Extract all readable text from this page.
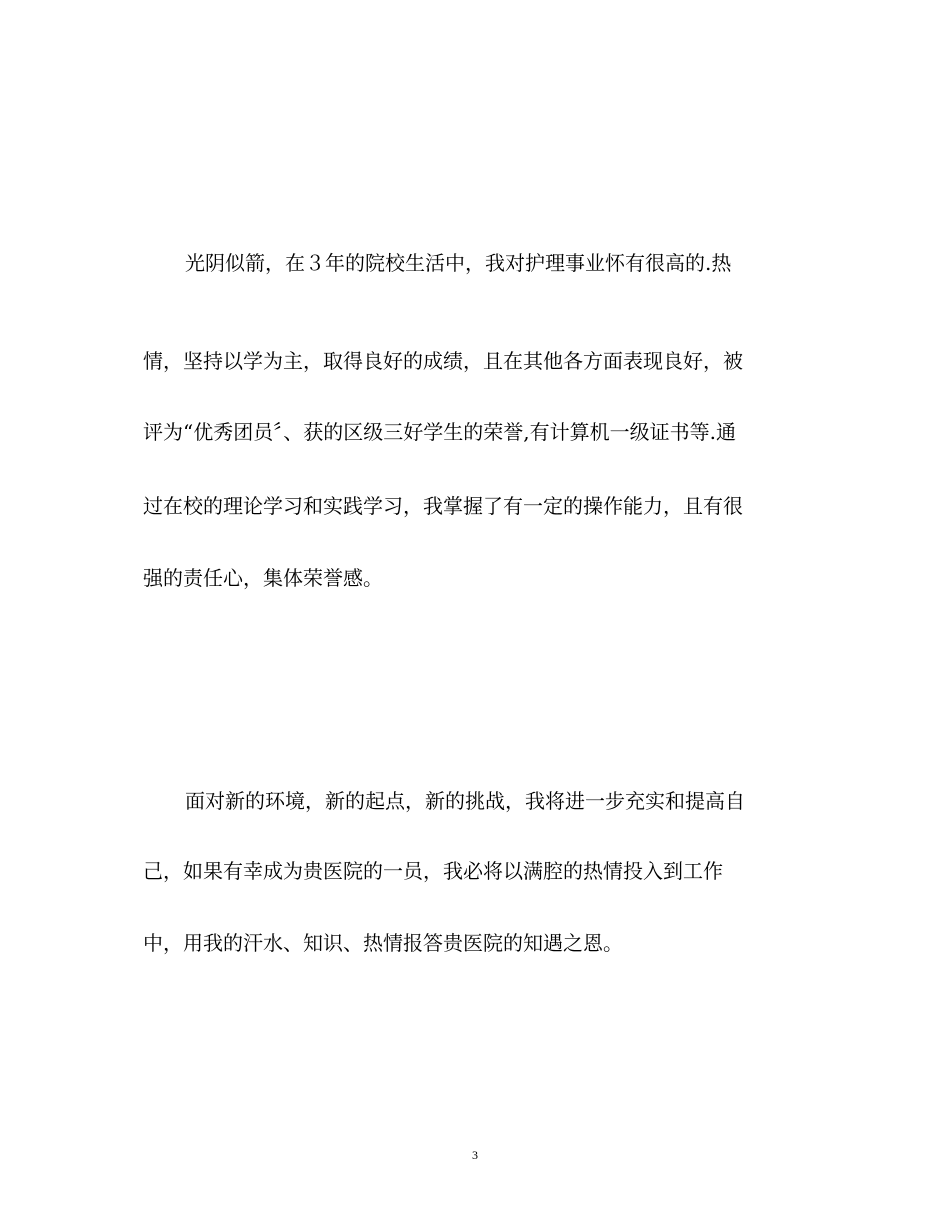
光阴似箭，在３年的院校生活中，我对护理事业怀有很高的.热
情，坚持以学为主，取得良好的成绩，且在其他各方面表现良好，被
评为“优秀团员〞、获的区级三好学生的荣誉,有计算机一级证书等.通
过在校的理论学习和实践学习，我掌握了有一定的操作能力，且有很
强的责任心，集体荣誉感。
面对新的环境，新的起点，新的挑战，我将进一步充实和提高自
己，如果有幸成为贵医院的一员，我必将以满腔的热情投入到工作
中，用我的汗水、知识、热情报答贵医院的知遇之恩。
3
